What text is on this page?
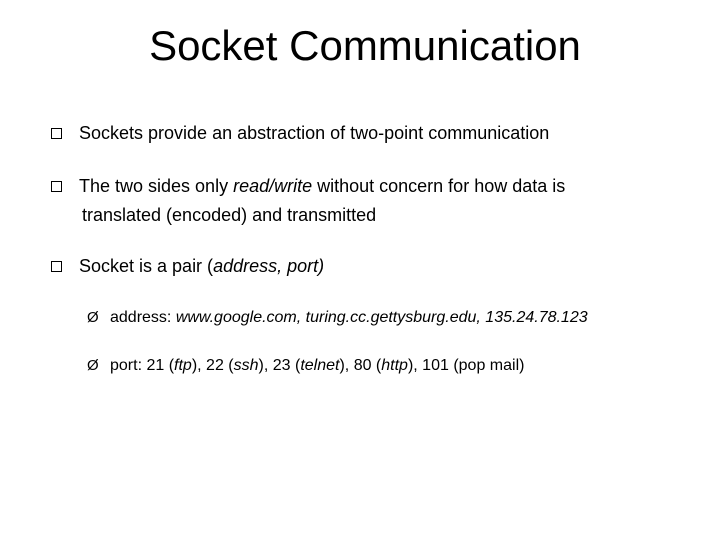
Socket Communication
Sockets provide an abstraction of two-point communication
The two sides only read/write without concern for how data is
translated (encoded) and transmitted
Socket is a pair (address, port)
Ø address: www.google.com, turing.cc.gettysburg.edu, 135.24.78.123
Ø port: 21 (ftp), 22 (ssh), 23 (telnet), 80 (http), 101 (pop mail)
